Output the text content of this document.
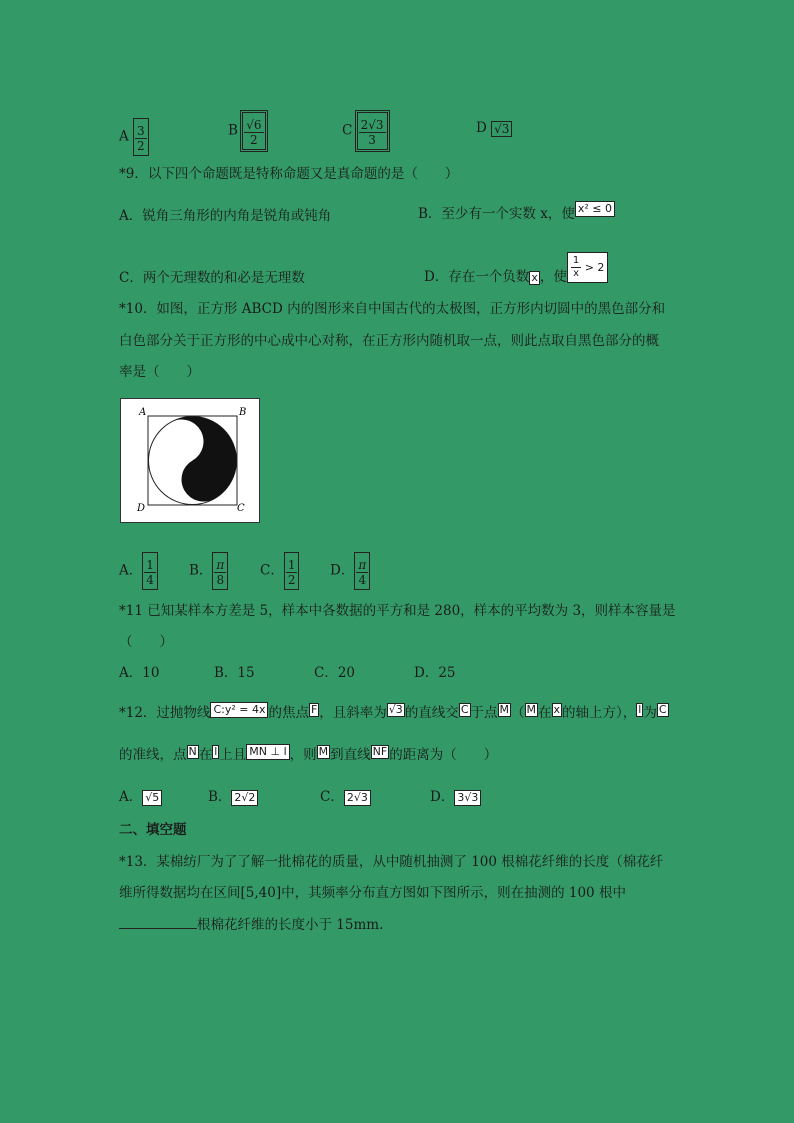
A $\frac{3}{2}$	B $\frac{√6}{2}$	C $\frac{2√3}{3}$	D √3
*9．以下四个命题既是特称命题又是真命题的是（　　）
A．锐角三角形的内角是锐角或钝角	B．至少有一个实数 x，使 x² ≤ 0
C．两个无理数的和必是无理数	D．存在一个负数 x ，使 $\frac{1}{x}$
> 2
*10．如图，正方形 ABCD 内的图形来自中国古代的太极图，正方形内切圆中的黑色部分和
白色部分关于正方形的中心成中心对称，在正方形内随机取一点，则此点取自黑色部分的概
率是（　　）
A	B
C
D
A． $\frac{1}{4}$ B． $\frac{\pi}{8}$ C． $\frac{1}{2}$ D． $\frac{\pi}{4}$
*11 已知某样本方差是 5，样本中各数据的平方和是 280，样本的平均数为 3，则样本容量是
（　　）
A．10	B．15	C．20	D．25
*12．过抛物线 C:y² = 4x 的焦点 F ，且斜率为 √3 的直线交 C 于点 M （ M 在 x 的轴上方）， l 为 C
的准线，点 N 在 l 上且 MN ⊥ l ，则 M 到直线 NF 的距离为（　　）
A． √5	B． 2√2	C． 2√3	D． 3√3
二、填空题
*13．某棉纺厂为了了解一批棉花的质量，从中随机抽测了 100 根棉花纤维的长度（棉花纤
维所得数据均在区间[5,40]中，其频率分布直方图如下图所示，则在抽测的 100 根中
根棉花纤维的长度小于 15mm.
